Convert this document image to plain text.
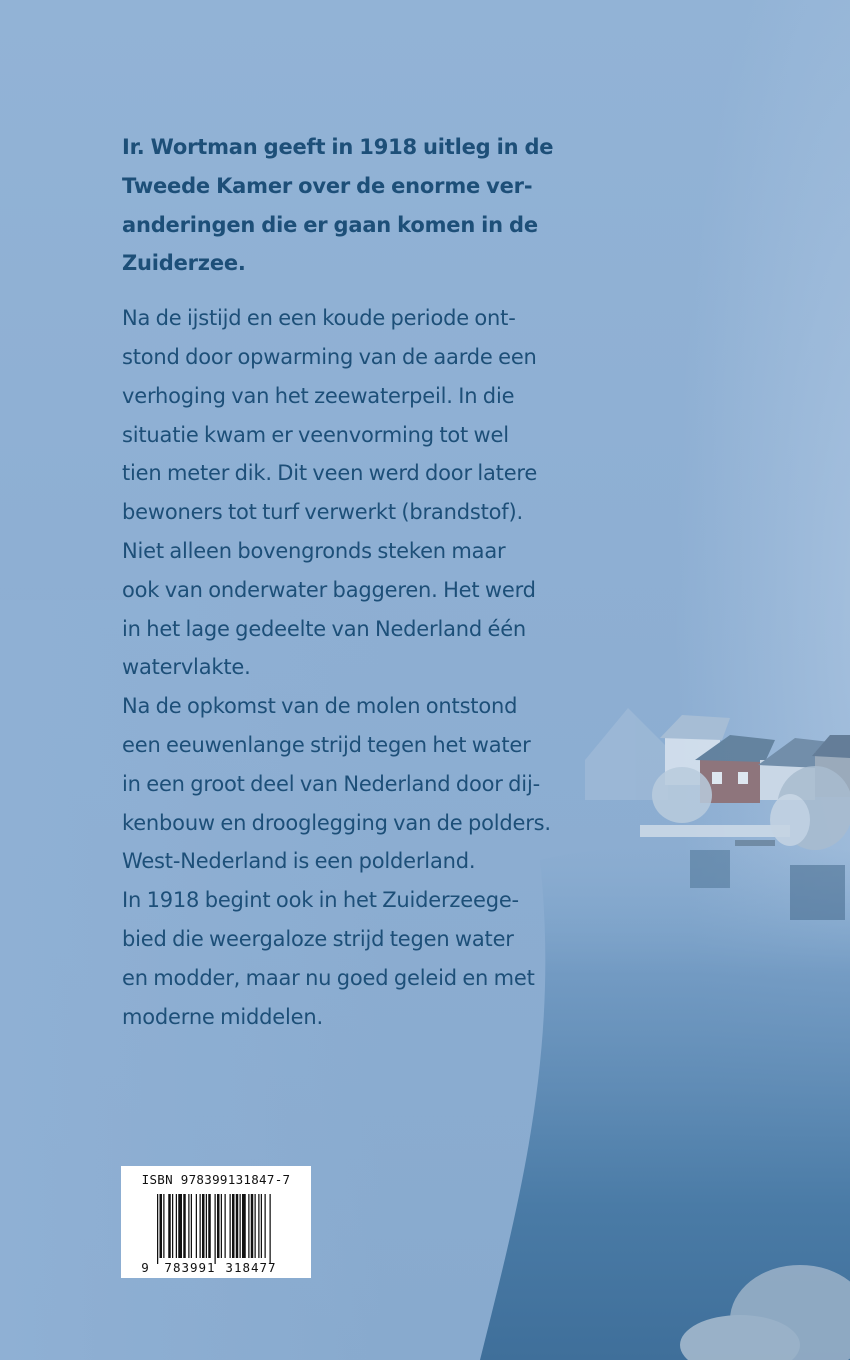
Ir. Wortman geeft in 1918 uitleg in de
Tweede Kamer over de enorme ver-
anderingen die er gaan komen in de
Zuiderzee.
Na de ijstijd en een koude periode ont-
stond door opwarming van de aarde een
verhoging van het zeewaterpeil. In die
situatie kwam er veenvorming tot wel
tien meter dik. Dit veen werd door latere
bewoners tot turf verwerkt (brandstof).
Niet alleen bovengronds steken maar
ook van onderwater baggeren. Het werd
in het lage gedeelte van Nederland één
watervlakte.
Na de opkomst van de molen ontstond
een eeuwenlange strijd tegen het water
in een groot deel van Nederland door dij-
kenbouw en drooglegging van de polders.
West-Nederland is een polderland.
In 1918 begint ook in het Zuiderzeege-
bied die weergaloze strijd tegen water
en modder, maar nu goed geleid en met
moderne middelen.
ISBN 978399131847-7
9 783991 318477
